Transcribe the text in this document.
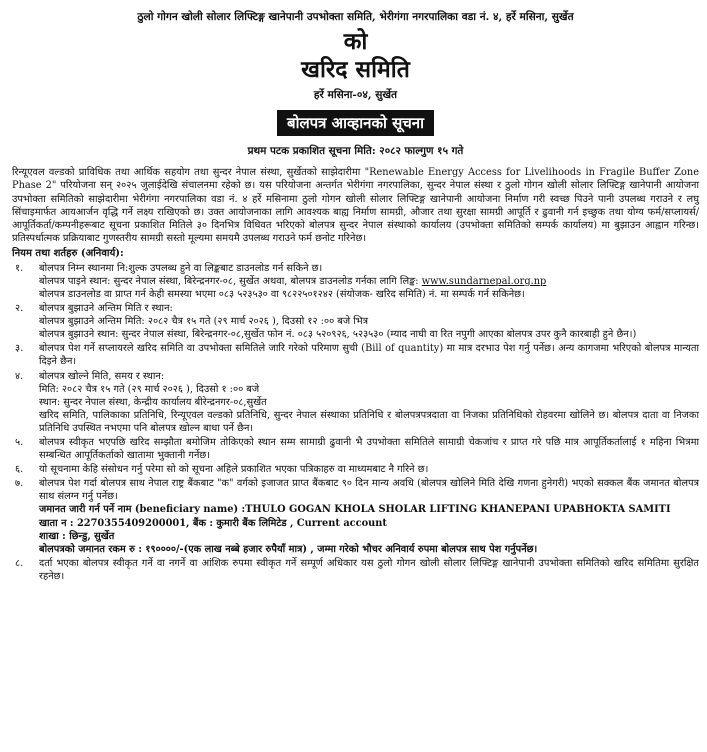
ठुलो गोगन खोली सोलार लिफ्टिङ्ग खानेपानी उपभोक्ता समिति, भेरीगंगा नगरपालिका वडा नं. ४, हर्रे मसिना, सुर्खेत
को
खरिद समिति
हर्रे मसिना-०४, सुर्खेत
बोलपत्र आव्हानको सूचना
प्रथम पटक प्रकाशित सूचना मिति: २०८२ फाल्गुण १५ गते
रिन्यूएवल वल्डको प्राविधिक तथा आर्थिक सहयोग तथा सुन्दर नेपाल संस्था, सुर्खेतको साझेदारीमा "Renewable Energy Access for Livelihoods in Fragile Buffer Zone Phase 2" परियोजना सन् २०२५ जुलाईदेखि संचालनमा रहेको छ। यस परियोजना अन्तर्गत भेरीगंगा नगरपालिका, सुन्दर नेपाल संस्था र ठुलो गोगन खोली सोलार लिफ्टिङ्ग खानेपानी आयोजना उपभोक्ता समितिको साझेदारीमा भेरीगंगा नगरपालिका वडा नं. ४ हर्रे मसिनामा ठुलो गोगन खोली सोलार लिफ्टिङ्ग खानेपानी आयोजना निर्माण गरी स्वच्छ पिउने पानी उपलब्ध गराउने र लघु सिंचाइमार्फत आयआर्जन वृद्धि गर्ने लक्ष्य राखिएको छ। उक्त आयोजनाका लागि आवश्यक बाह्य निर्माण सामग्री, औजार तथा सुरक्षा सामग्री आपूर्ति र ढुवानी गर्न इच्छुक तथा योग्य फर्म/सप्लायर्स/आपूर्तिकर्ता/कम्पनीहरूबाट सूचना प्रकाशित मितिले ३० दिनभित्र विधिवत भरिएको बोलपत्र सुन्दर नेपाल संस्थाको कार्यालय (उपभोक्ता समितिको सम्पर्क कार्यालय) मा बुझाउन आह्वान गरिन्छ। प्रतिस्पर्धात्मक प्रक्रियाबाट गुणस्तरीय सामग्री सस्तो मूल्यमा समयमै उपलब्ध गराउने फर्म छनोट गरिनेछ।
नियम तथा शर्तहरु (अनिवार्य):
१.	बोलपत्र निम्न स्थानमा नि:शुल्क उपलब्ध हुने वा लिङ्कबाट डाउनलोड गर्न सकिने छ।
बोलपत्र पाइने स्थान: सुन्दर नेपाल संस्था, बिरेन्द्रनगर-०८, सुर्खेत अथवा, बोलपत्र डाउनलोड गर्नका लागि लिङ्क: www.sundarnepal.org.np
बोलपत्र डाउनलोड वा प्राप्त गर्न केही समस्या भएमा ०८३ ५२३५३० वा ९८२२५०१२४२ (संयोजक- खरिद समिति) नं. मा सम्पर्क गर्न सकिनेछ।
२.	बोलपत्र बुझाउने अन्तिम मिति र स्थान:
बोलपत्र बुझाउने अन्तिम मिति: २०८२ चैत्र १५ गते (२९ मार्च २०२६ ), दिउसो १२ :०० बजे भित्र
बोलपत्र बुझाउने स्थान: सुन्दर नेपाल संस्था, बिरेन्द्रनगर-०८,सुर्खेत फोन नं. ०८३ ५२०९२६, ५२३५३० (म्याद नाघी वा रित नपुगी आएका बोलपत्र उपर कुनै कारबाही हुने छैन।)
३.	बोलपत्र पेश गर्ने सप्लायरले खरिद समिति वा उपभोक्ता समितिले जारि गरेको परिमाण सुची (Bill of quantity) मा मात्र दरभाउ पेश गर्नु पर्नेछ। अन्य कागजमा भरिएको बोलपत्र मान्यता दिइने छैन।
४.	बोलपत्र खोल्ने मिति, समय र स्थान:
मिति: २०८२ चैत्र १५ गते (२९ मार्च २०२६ ), दिउसो १ :०० बजे
स्थान: सुन्दर नेपाल संस्था, केन्द्रीय कार्यालय बीरेन्द्रनगर-०८,सुर्खेत
खरिद समिति, पालिकाका प्रतिनिधि, रिन्यूएवल वल्डको प्रतिनिधि, सुन्दर नेपाल संस्थाका प्रतिनिधि र बोलपत्रपत्रदाता वा निजका प्रतिनिधिको रोहवरमा खोलिने छ। बोलपत्र दाता वा निजका प्रतिनिधि उपस्थित नभएमा पनि बोलपत्र खोल्न बाधा पर्ने छैन।
५.	बोलपत्र स्वीकृत भएपछि खरिद सम्झौता बमोजिम तोकिएको स्थान सम्म सामाग्री ढुवानी भै उपभोक्ता समितिले सामाग्री चेकजांच र प्राप्त गरे पछि मात्र आपूर्तिकर्तालाई १ महिना भित्रमा सम्बन्धित आपूर्तिकर्ताको खातामा भुक्तानी गर्नेछ।
६.	यो सूचनामा केहि संसोधन गर्नु परेमा सो को सूचना अहिले प्रकाशित भएका पत्रिकाहरु वा माध्यमबाट नै गरिने छ।
७.	बोलपत्र पेश गर्दा बोलपत्र साथ नेपाल राष्ट्र बैंकबाट "क" वर्गको इजाजत प्राप्त बैंकबाट ९० दिन मान्य अवधि (बोलपत्र खोलिने मिति देखि गणना हुनेगरी) भएको सक्कल बैंक जमानत बोलपत्र साथ संलग्न गर्नु पर्नेछ।
जमानत जारी गर्न पर्ने नाम (beneficiary name) :THULO GOGAN KHOLA SHOLAR LIFTING KHANEPANI UPABHOKTA SAMITI
खाता न : 2270355409200001, बैंक : कुमारी बैंक लिमिटेड , Current account
शाखा : छिन्डु, सुर्खेत
बोलपत्रको जमानत रकम रु : १९००००/-(एक लाख नब्बे हजार रुपैयाँ मात्र) , जम्मा गरेको भौचर अनिवार्य रुपमा बोलपत्र साथ पेश गर्नुपर्नेछ।
८.	दर्ता भएका बोलपत्र स्वीकृत गर्ने वा नगर्ने वा आंशिक रुपमा स्वीकृत गर्ने सम्पूर्ण अधिकार यस ठुलो गोगन खोली सोलार लिफ्टिङ्ग खानेपानी उपभोक्ता समितिको खरिद समितिमा सुरक्षित रहनेछ।
